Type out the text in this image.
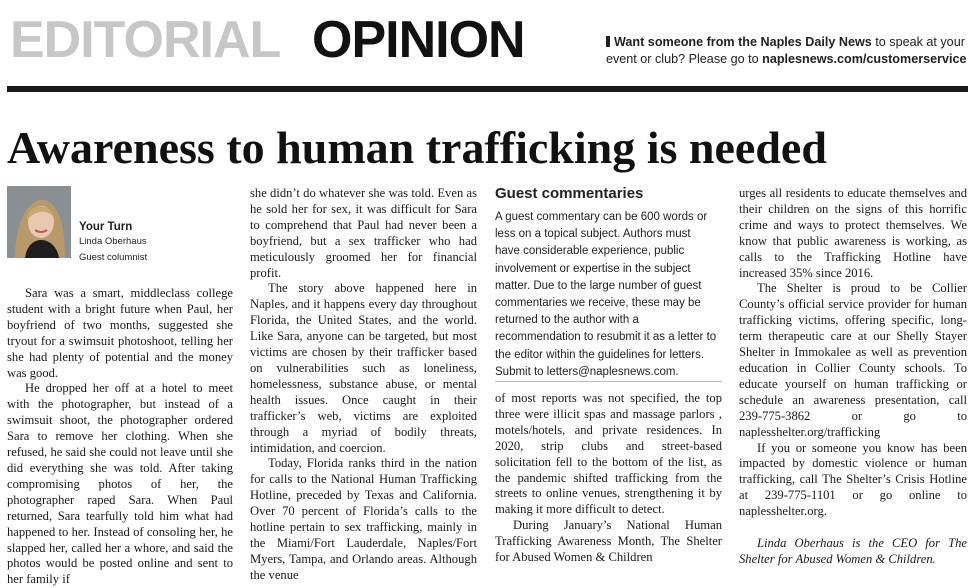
EDITORIAL OPINION	Want someone from the Naples Daily News to speak at your event or club? Please go to naplesnews.com/customerservice
Awareness to human trafficking is needed
Your Turn
Linda Oberhaus
Guest columnist

Sara was a smart, middleclass college student with a bright future when Paul, her boyfriend of two months, suggested she tryout for a swimsuit photoshoot, telling her she had plenty of potential and the money was good.

He dropped her off at a hotel to meet with the photographer, but instead of a swimsuit shoot, the photographer ordered Sara to remove her clothing. When she refused, he said she could not leave until she did everything she was told. After taking compromising photos of her, the photographer raped Sara. When Paul returned, Sara tearfully told him what had happened to her. Instead of consoling her, he slapped her, called her a whore, and said the photos would be posted online and sent to her family if

she didn’t do whatever she was told. Even as he sold her for sex, it was difficult for Sara to comprehend that Paul had never been a boyfriend, but a sex trafficker who had meticulously groomed her for financial profit.

The story above happened here in Naples, and it happens every day throughout Florida, the United States, and the world. Like Sara, anyone can be targeted, but most victims are chosen by their trafficker based on vulnerabilities such as loneliness, homelessness, substance abuse, or mental health issues. Once caught in their trafficker’s web, victims are exploited through a myriad of bodily threats, intimidation, and coercion.

Today, Florida ranks third in the nation for calls to the National Human Trafficking Hotline, preceded by Texas and California. Over 70 percent of Florida’s calls to the hotline pertain to sex trafficking, mainly in the Miami/Fort Lauderdale, Naples/Fort Myers, Tampa, and Orlando areas. Although the venue

Guest commentaries
A guest commentary can be 600 words or less on a topical subject. Authors must have considerable experience, public involvement or expertise in the subject matter. Due to the large number of guest commentaries we receive, these may be returned to the author with a recommendation to resubmit it as a letter to the editor within the guidelines for letters. Submit to letters@naplesnews.com.

of most reports was not specified, the top three were illicit spas and massage parlors , motels/hotels, and private residences. In 2020, strip clubs and street-based solicitation fell to the bottom of the list, as the pandemic shifted trafficking from the streets to online venues, strengthening it by making it more difficult to detect.

During January’s National Human Trafficking Awareness Month, The Shelter for Abused Women & Children

urges all residents to educate themselves and their children on the signs of this horrific crime and ways to protect themselves. We know that public awareness is working, as calls to the Trafficking Hotline have increased 35% since 2016.

The Shelter is proud to be Collier County’s official service provider for human trafficking victims, offering specific, long-term therapeutic care at our Shelly Stayer Shelter in Immokalee as well as prevention education in Collier County schools. To educate yourself on human trafficking or schedule an awareness presentation, call 239-775-3862 or go to naplesshelter.org/trafficking

If you or someone you know has been impacted by domestic violence or human trafficking, call The Shelter’s Crisis Hotline at 239-775-1101 or go online to naplesshelter.org.

Linda Oberhaus is the CEO for The Shelter for Abused Women & Children.
